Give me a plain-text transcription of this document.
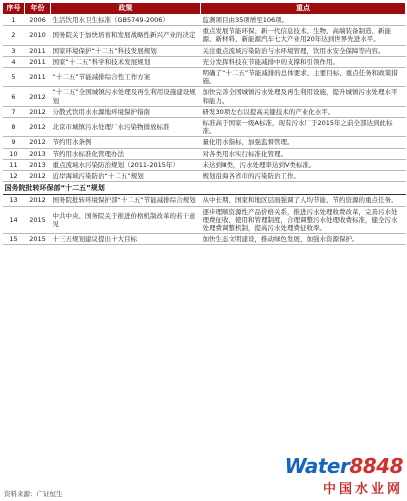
序号	年份	政策	重点
1	2006	生活饮用水卫生标准（GB5749-2006）	监测项目由35项增至106项。
2	2010	国务院关于加快培育和发展战略性新兴产业的决定	重点发展节能环保、新一代信息技术、生物、高端装备制造、新能源、新材料、新能源汽车七大产业用20年达到世界先进水平。
3	2011	国家环境保护“十二五”科技发展规划	关注重点流域污染防治与水环境管理，饮用水安全保障等内容。
4	2011	国家“十二五”科学和技术发展规划	充分发挥科技在节能减排中的支撑和引领作用。
5	2011	“十二五”节能减排综合性工作方案	明确了“十二五”节能减排的总体要求、主要目标、重点任务和政策措施。
6	2012	“十二五”全国城镇污水处理及再生利用设施建设规划	加快完善全国城镇污水处理及再生利用设施，提升城镇污水处理水平和能力。
7	2012	分散式饮用水水源地环境保护指南	研发30项左右以提高关键技术的产业化水平。
8	2012	北京市城镇污水处理厂水污染物排放标准	标准高于国家一级A标准，现有污水厂于2015年之前全部达到此标准。
9	2012	节约用水条例	量化用水指标，加强监督管理。
10	2013	节约用水标准化管理办法	对各类用水实行标准化管理。
11	2013	重点流域水污染防治规划（2011-2015年）	未达到Ⅲ类，污水处理率达到V类标准。
12	2012	近岸海域污染防治“十二五”规划	规划沿海各省市的污染防治工作。
国务院批转环保部“十二五”规划			
13	2012	国务院批转环境保护部“十二五”节能减排综合规划	从中长期、国家和地区层面强调了人均节能、节约资源的重点任务。
14	2015	中共中央、国务院关于推进价格机制改革的若干意见	逐步理顺资源性产品价格关系，推进污水处理收费改革，完善污水处理费征收、使用和管理制度，合理调整污水处理收费标准，健全污水处理费调整机制，提高污水处理费征收率。
15	2015	十三五规划建议提出十大目标	加快生态文明建设，推动绿色发展，加强水资源保护。
资料来源：广证恒生
Water8848
中国水业网
